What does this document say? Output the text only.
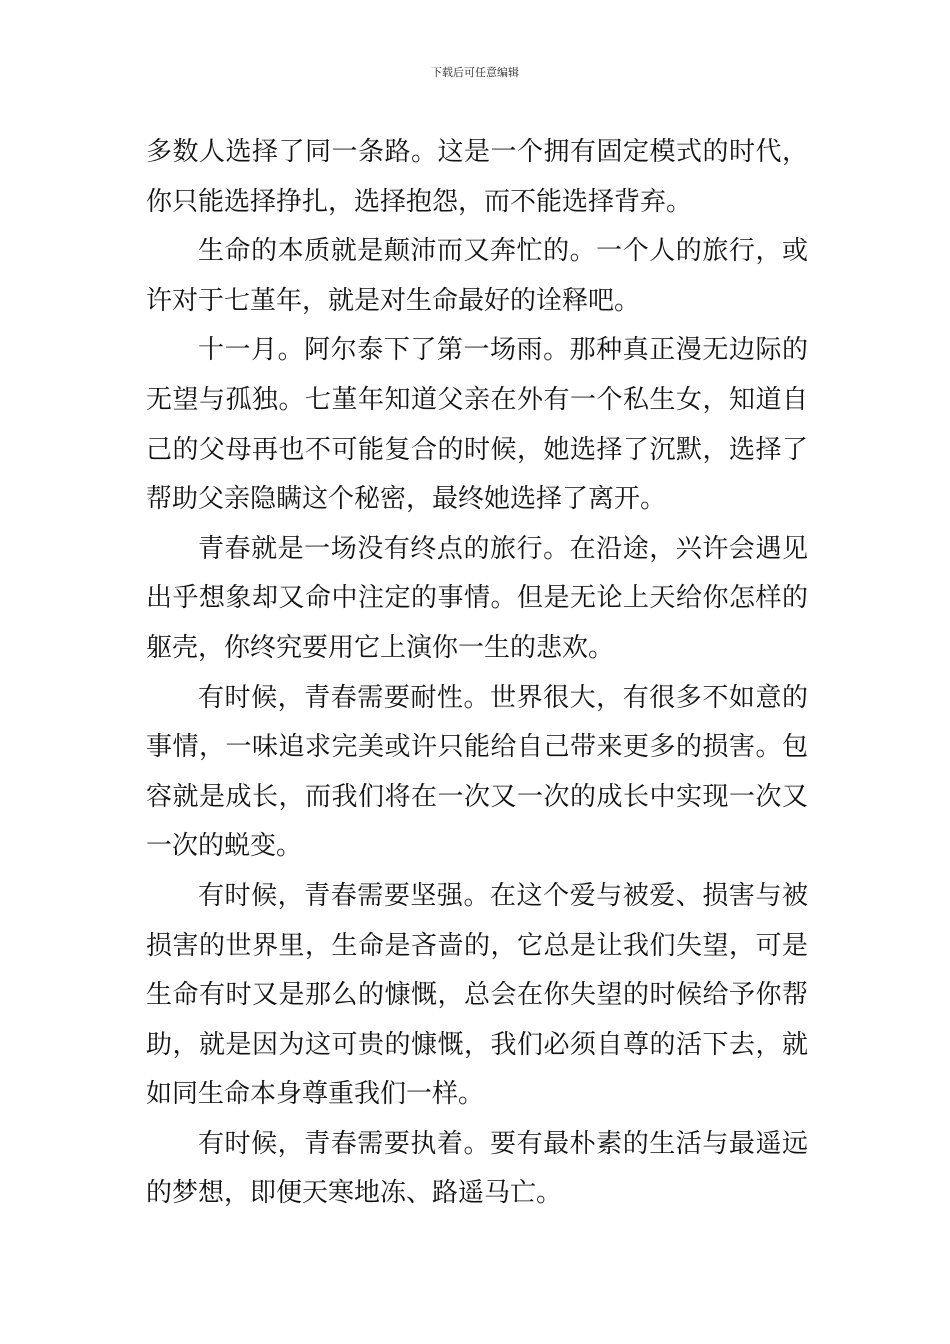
下载后可任意编辑

多数人选择了同一条路。这是一个拥有固定模式的时代，你只能选择挣扎，选择抱怨，而不能选择背弃。

生命的本质就是颠沛而又奔忙的。一个人的旅行，或许对于七堇年，就是对生命最好的诠释吧。

十一月。阿尔泰下了第一场雨。那种真正漫无边际的无望与孤独。七堇年知道父亲在外有一个私生女，知道自己的父母再也不可能复合的时候，她选择了沉默，选择了帮助父亲隐瞒这个秘密，最终她选择了离开。

青春就是一场没有终点的旅行。在沿途，兴许会遇见出乎想象却又命中注定的事情。但是无论上天给你怎样的躯壳，你终究要用它上演你一生的悲欢。

有时候，青春需要耐性。世界很大，有很多不如意的事情，一味追求完美或许只能给自己带来更多的损害。包容就是成长，而我们将在一次又一次的成长中实现一次又一次的蜕变。

有时候，青春需要坚强。在这个爱与被爱、损害与被损害的世界里，生命是吝啬的，它总是让我们失望，可是生命有时又是那么的慷慨，总会在你失望的时候给予你帮助，就是因为这可贵的慷慨，我们必须自尊的活下去，就如同生命本身尊重我们一样。

有时候，青春需要执着。要有最朴素的生活与最遥远的梦想，即便天寒地冻、路遥马亡。
